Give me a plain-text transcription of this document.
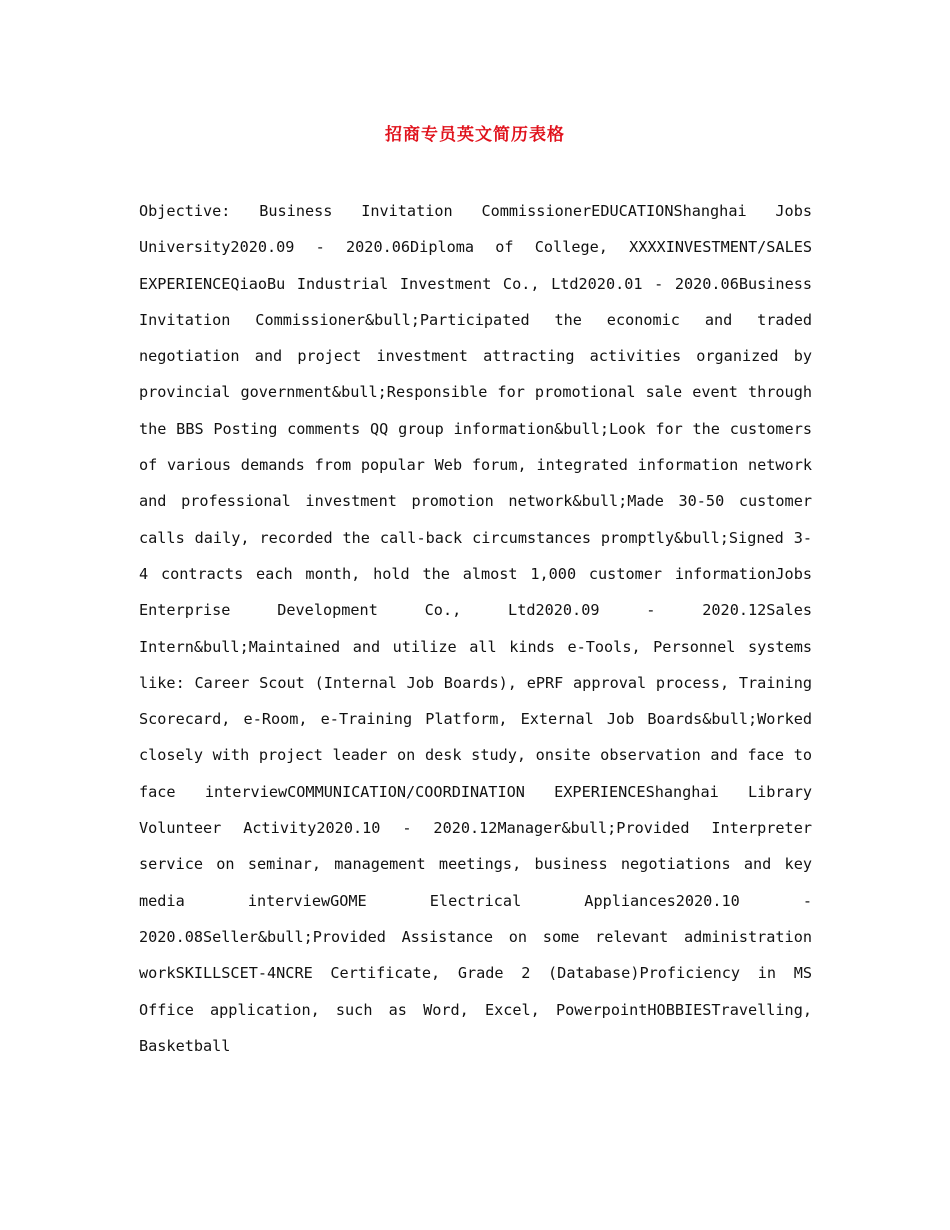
招商专员英文简历表格
Objective: Business Invitation CommissionerEDUCATIONShanghai Jobs University2020.09 - 2020.06Diploma of College, XXXXINVESTMENT/SALES EXPERIENCEQiaoBu Industrial Investment Co., Ltd2020.01 - 2020.06Business Invitation Commissioner&bull;Participated the economic and traded negotiation and project investment attracting activities organized by provincial government&bull;Responsible for promotional sale event through the BBS Posting comments QQ group information&bull;Look for the customers of various demands from popular Web forum, integrated information network and professional investment promotion network&bull;Made 30-50 customer calls daily, recorded the call-back circumstances promptly&bull;Signed 3-4 contracts each month, hold the almost 1,000 customer informationJobs Enterprise Development Co., Ltd2020.09 - 2020.12Sales Intern&bull;Maintained and utilize all kinds e-Tools, Personnel systems like: Career Scout (Internal Job Boards), ePRF approval process, Training Scorecard, e-Room, e-Training Platform, External Job Boards&bull;Worked closely with project leader on desk study, onsite observation and face to face interviewCOMMUNICATION/COORDINATION EXPERIENCEShanghai Library Volunteer Activity2020.10 - 2020.12Manager&bull;Provided Interpreter service on seminar, management meetings, business negotiations and key media interviewGOME Electrical Appliances2020.10 - 2020.08Seller&bull;Provided Assistance on some relevant administration workSKILLSCET-4NCRE Certificate, Grade 2 (Database)Proficiency in MS Office application, such as Word, Excel, PowerpointHOBBIESTravelling, Basketball
